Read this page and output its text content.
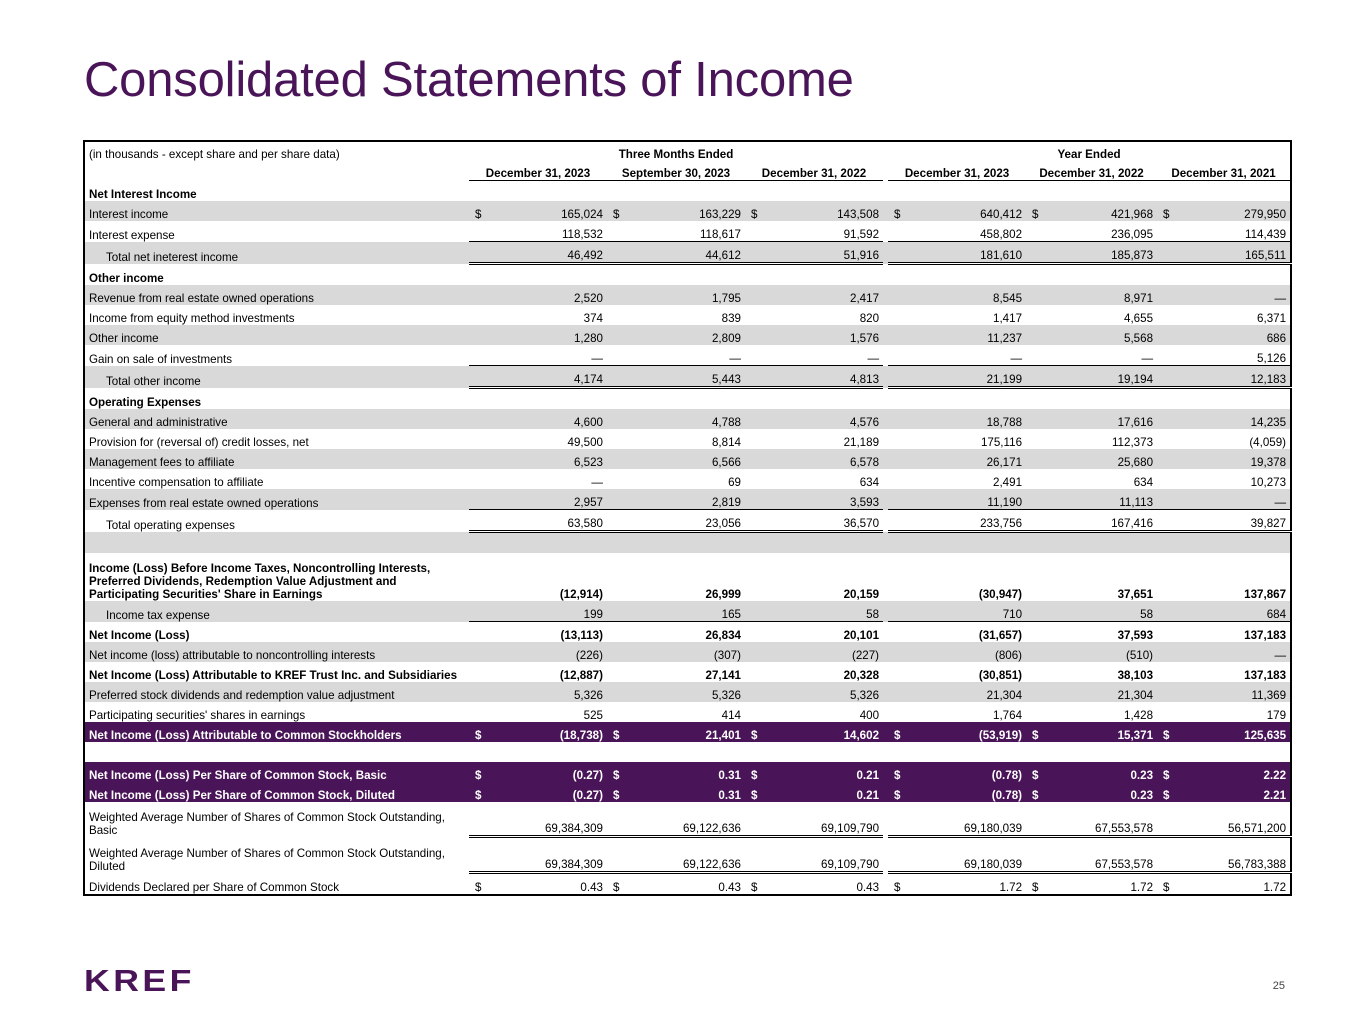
Consolidated Statements of Income
(in thousands - except share and per share data)		Three Months Ended				Year Ended		
		December 31, 2023	September 30, 2023	December 31, 2022		December 31, 2023	December 31, 2022	December 31, 2021
Net Interest Income								
Interest income		$ 165,024	$ 163,229	$ 143,508		$ 640,412	$ 421,968	$ 279,950

Interest expense		118,532	118,617	91,592		458,802	236,095	114,439
Total net ineterest income		46,492	44,612	51,916		181,610	185,873	165,511
Other income								
Revenue from real estate owned operations		2,520	1,795	2,417		8,545	8,971	—
Income from equity method investments		374	839	820		1,417	4,655	6,371
Other income		1,280	2,809	1,576		11,237	5,568	686
Gain on sale of investments		—	—	—		—	—	5,126
Total other income		4,174	5,443	4,813		21,199	19,194	12,183
Operating Expenses								
General and administrative		4,600	4,788	4,576		18,788	17,616	14,235
Provision for (reversal of) credit losses, net		49,500	8,814	21,189		175,116	112,373	(4,059)
Management fees to affiliate		6,523	6,566	6,578		26,171	25,680	19,378
Incentive compensation to affiliate		—	69	634		2,491	634	10,273
Expenses from real estate owned operations		2,957	2,819	3,593		11,190	11,113	—
Total operating expenses		63,580	23,056	36,570		233,756	167,416	39,827

Income (Loss) Before Income Taxes, Noncontrolling Interests,
Preferred Dividends, Redemption Value Adjustment and
Participating Securities' Share in Earnings		(12,914)	26,999	20,159		(30,947)	37,651	137,867
Income tax expense		199	165	58		710	58	684
Net Income (Loss)		(13,113)	26,834	20,101		(31,657)	37,593	137,183
Net income (loss) attributable to noncontrolling interests		(226)	(307)	(227)		(806)	(510)	—
Net Income (Loss) Attributable to KREF Trust Inc. and Subsidiaries		(12,887)	27,141	20,328		(30,851)	38,103	137,183
Preferred stock dividends and redemption value adjustment		5,326	5,326	5,326		21,304	21,304	11,369
Participating securities' shares in earnings		525	414	400		1,764	1,428	179
Net Income (Loss) Attributable to Common Stockholders		$ (18,738)	$ 21,401	$ 14,602		$ (53,919)	$ 15,371	$ 125,635

Net Income (Loss) Per Share of Common Stock, Basic		$ (0.27)	$ 0.31	$ 0.21		$ (0.78)	$ 0.23	$ 2.22

Net Income (Loss) Per Share of Common Stock, Diluted		$ (0.27)	$ 0.31	$ 0.21		$ (0.78)	$ 0.23	$ 2.21

Weighted Average Number of Shares of Common Stock Outstanding,
Basic		69,384,309	69,122,636	69,109,790		69,180,039	67,553,578	56,571,200
Weighted Average Number of Shares of Common Stock Outstanding,
Diluted		69,384,309	69,122,636	69,109,790		69,180,039	67,553,578	56,783,388
Dividends Declared per Share of Common Stock		$ 0.43	$ 0.43	$ 0.43		$ 1.72	$ 1.72	$ 1.72
KREF	25
